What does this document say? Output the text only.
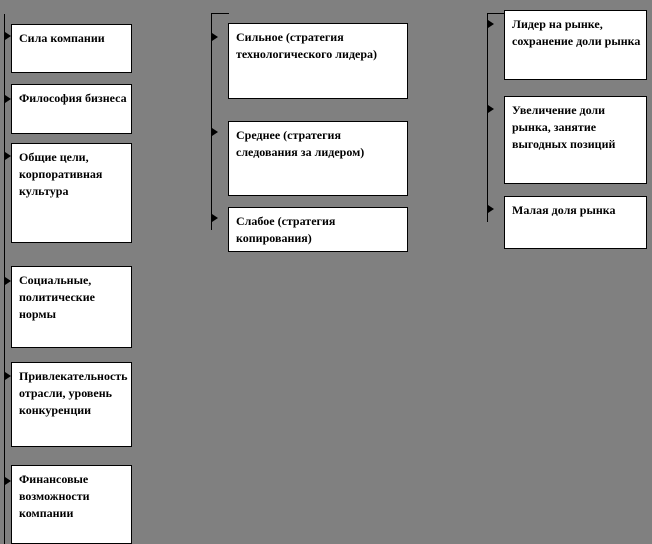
Сила компании
Философия бизнеса
Общие цели, корпоративная культура
Социальные, политические нормы
Привлекательность отрасли, уровень конкуренции
Финансовые возможности компании
Сильное (стратегия технологического лидера)
Среднее (стратегия следования за лидером)
Слабое (стратегия копирования)
Лидер на рынке, сохранение доли рынка
Увеличение доли рынка, занятие выгодных позиций
Малая доля рынка
